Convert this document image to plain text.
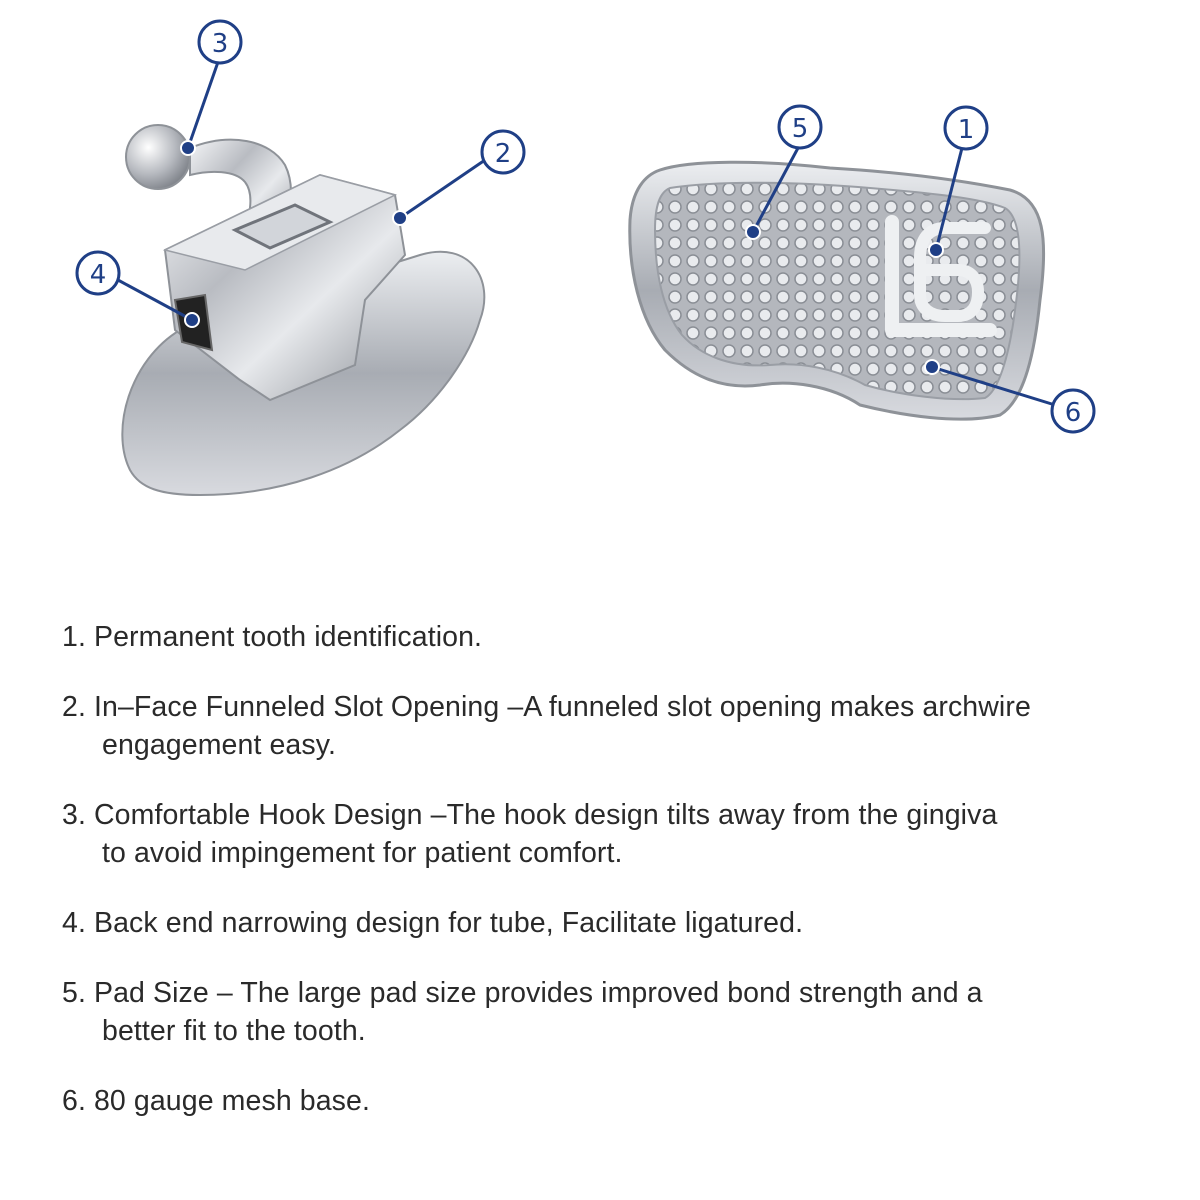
1
2
3
4
5
6
1. Permanent tooth identification.
2. In–Face Funneled Slot Opening –A funneled slot opening makes archwire
engagement easy.
3. Comfortable Hook Design –The hook design tilts away from the gingiva
to avoid impingement for patient comfort.
4. Back end narrowing design for tube, Facilitate ligatured.
5. Pad Size – The large pad size provides improved bond strength and a
better fit to the tooth.
6. 80 gauge mesh base.
